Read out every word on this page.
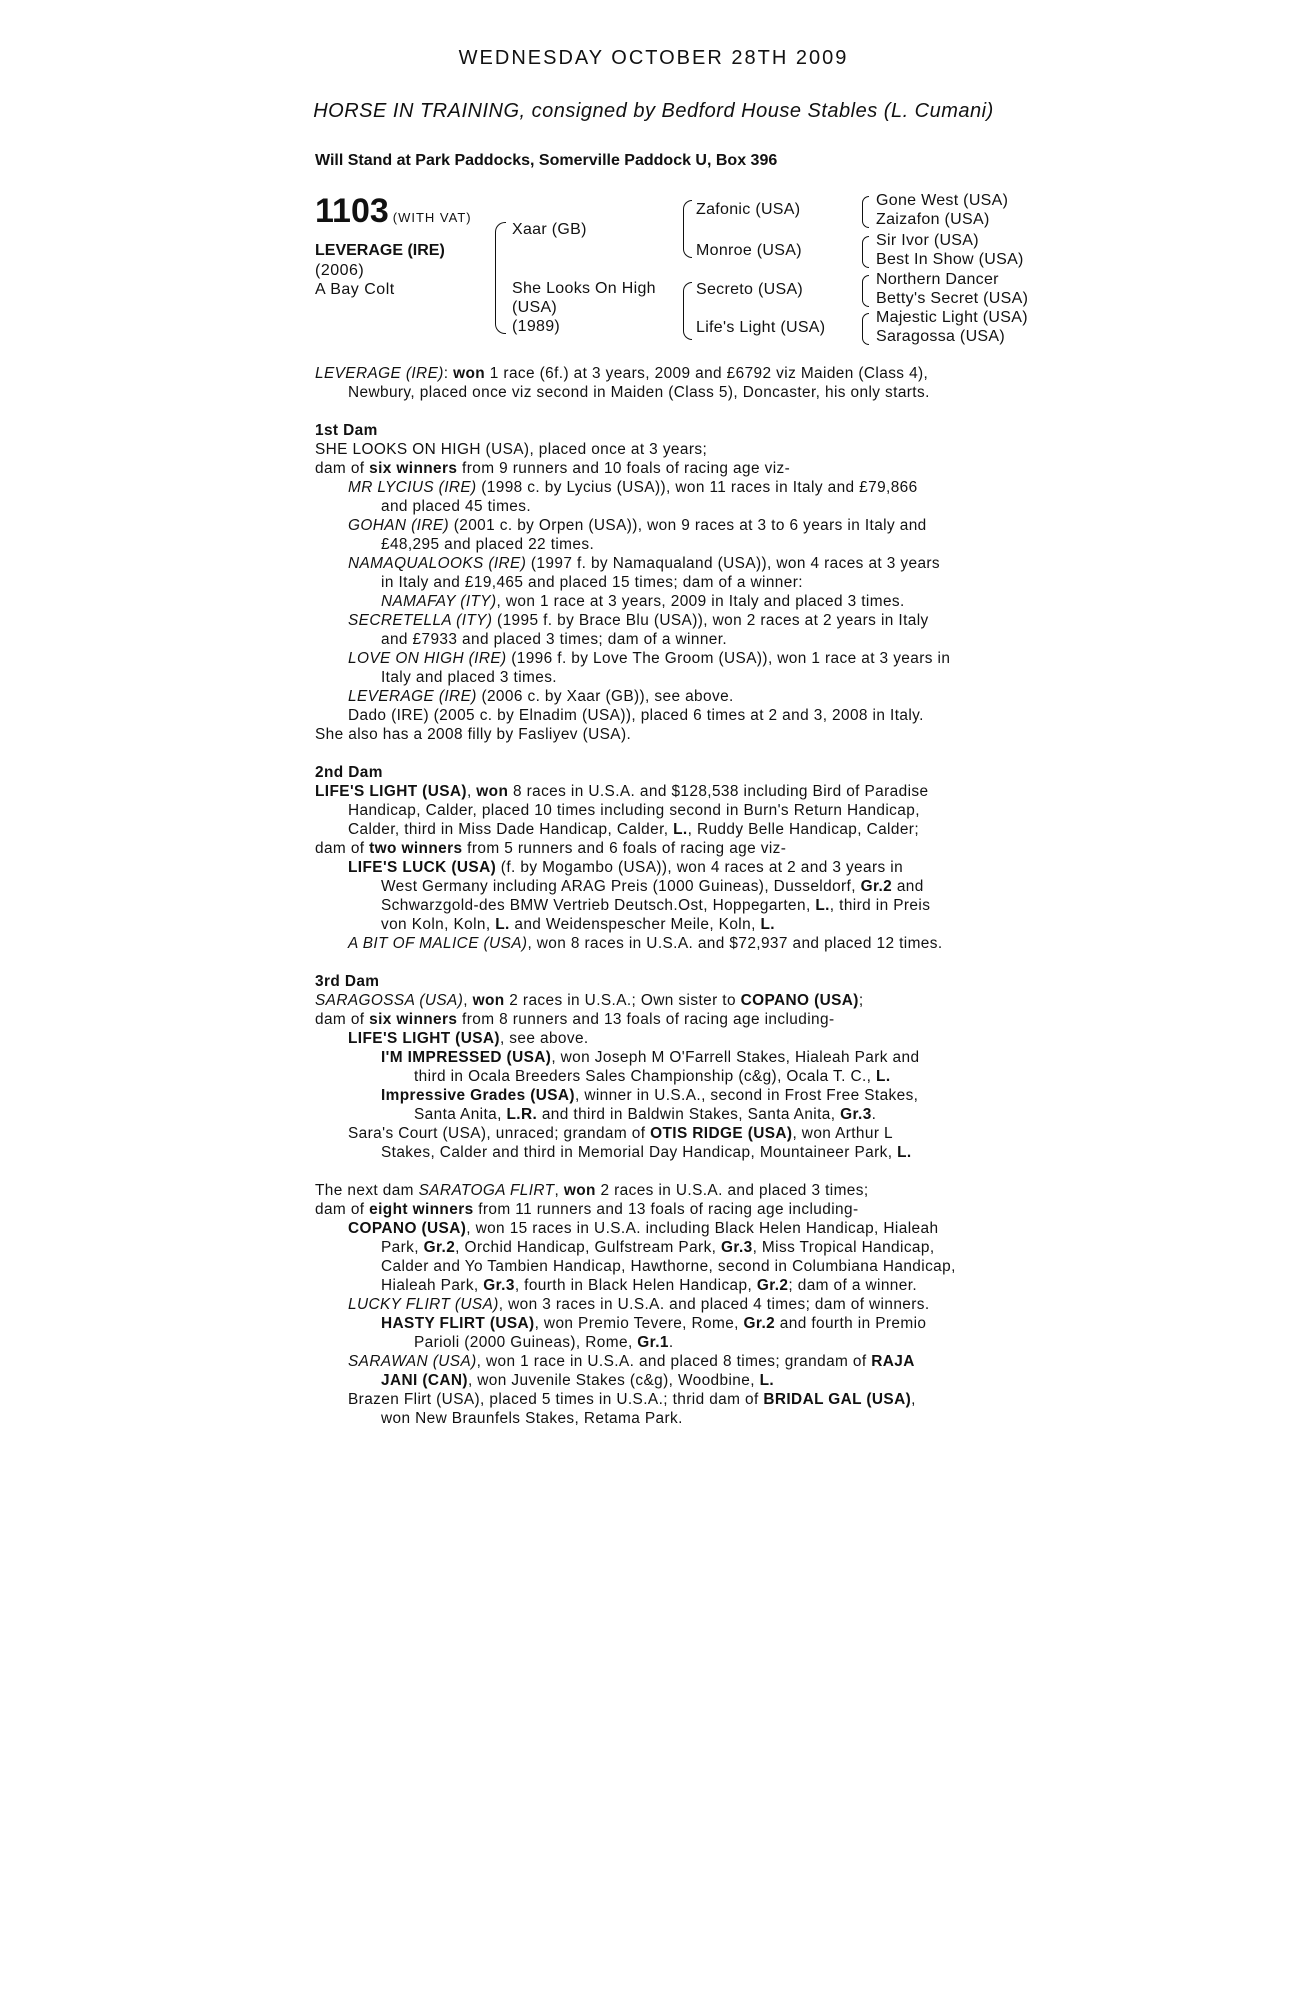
WEDNESDAY OCTOBER 28TH 2009
HORSE IN TRAINING, consigned by Bedford House Stables (L. Cumani)
Will Stand at Park Paddocks, Somerville Paddock U, Box 396
1103 (WITH VAT)
LEVERAGE (IRE)
(2006)
A Bay Colt
Xaar (GB)
She Looks On High
(USA)
(1989)
Zafonic (USA)
Monroe (USA)
Secreto (USA)
Life's Light (USA)
Gone West (USA)
Zaizafon (USA)
Sir Ivor (USA)
Best In Show (USA)
Northern Dancer
Betty's Secret (USA)
Majestic Light (USA)
Saragossa (USA)

LEVERAGE (IRE): won 1 race (6f.) at 3 years, 2009 and £6792 viz Maiden (Class 4),

Newbury, placed once viz second in Maiden (Class 5), Doncaster, his only starts.

1st Dam

SHE LOOKS ON HIGH (USA), placed once at 3 years;

dam of six winners from 9 runners and 10 foals of racing age viz-

MR LYCIUS (IRE) (1998 c. by Lycius (USA)), won 11 races in Italy and £79,866

and placed 45 times.

GOHAN (IRE) (2001 c. by Orpen (USA)), won 9 races at 3 to 6 years in Italy and

£48,295 and placed 22 times.

NAMAQUALOOKS (IRE) (1997 f. by Namaqualand (USA)), won 4 races at 3 years

in Italy and £19,465 and placed 15 times; dam of a winner:

NAMAFAY (ITY), won 1 race at 3 years, 2009 in Italy and placed 3 times.

SECRETELLA (ITY) (1995 f. by Brace Blu (USA)), won 2 races at 2 years in Italy

and £7933 and placed 3 times; dam of a winner.

LOVE ON HIGH (IRE) (1996 f. by Love The Groom (USA)), won 1 race at 3 years in

Italy and placed 3 times.

LEVERAGE (IRE) (2006 c. by Xaar (GB)), see above.

Dado (IRE) (2005 c. by Elnadim (USA)), placed 6 times at 2 and 3, 2008 in Italy.

She also has a 2008 filly by Fasliyev (USA).

2nd Dam

LIFE'S LIGHT (USA), won 8 races in U.S.A. and $128,538 including Bird of Paradise

Handicap, Calder, placed 10 times including second in Burn's Return Handicap,

Calder, third in Miss Dade Handicap, Calder, L., Ruddy Belle Handicap, Calder;

dam of two winners from 5 runners and 6 foals of racing age viz-

LIFE'S LUCK (USA) (f. by Mogambo (USA)), won 4 races at 2 and 3 years in

West Germany including ARAG Preis (1000 Guineas), Dusseldorf, Gr.2 and

Schwarzgold-des BMW Vertrieb Deutsch.Ost, Hoppegarten, L., third in Preis

von Koln, Koln, L. and Weidenspescher Meile, Koln, L.

A BIT OF MALICE (USA), won 8 races in U.S.A. and $72,937 and placed 12 times.

3rd Dam

SARAGOSSA (USA), won 2 races in U.S.A.; Own sister to COPANO (USA);

dam of six winners from 8 runners and 13 foals of racing age including-

LIFE'S LIGHT (USA), see above.

I'M IMPRESSED (USA), won Joseph M O'Farrell Stakes, Hialeah Park and

third in Ocala Breeders Sales Championship (c&g), Ocala T. C., L.

Impressive Grades (USA), winner in U.S.A., second in Frost Free Stakes,

Santa Anita, L.R. and third in Baldwin Stakes, Santa Anita, Gr.3.

Sara's Court (USA), unraced; grandam of OTIS RIDGE (USA), won Arthur L

Stakes, Calder and third in Memorial Day Handicap, Mountaineer Park, L.

The next dam SARATOGA FLIRT, won 2 races in U.S.A. and placed 3 times;

dam of eight winners from 11 runners and 13 foals of racing age including-

COPANO (USA), won 15 races in U.S.A. including Black Helen Handicap, Hialeah

Park, Gr.2, Orchid Handicap, Gulfstream Park, Gr.3, Miss Tropical Handicap,

Calder and Yo Tambien Handicap, Hawthorne, second in Columbiana Handicap,

Hialeah Park, Gr.3, fourth in Black Helen Handicap, Gr.2; dam of a winner.

LUCKY FLIRT (USA), won 3 races in U.S.A. and placed 4 times; dam of winners.

HASTY FLIRT (USA), won Premio Tevere, Rome, Gr.2 and fourth in Premio

Parioli (2000 Guineas), Rome, Gr.1.

SARAWAN (USA), won 1 race in U.S.A. and placed 8 times; grandam of RAJA

JANI (CAN), won Juvenile Stakes (c&g), Woodbine, L.

Brazen Flirt (USA), placed 5 times in U.S.A.; thrid dam of BRIDAL GAL (USA),

won New Braunfels Stakes, Retama Park.
